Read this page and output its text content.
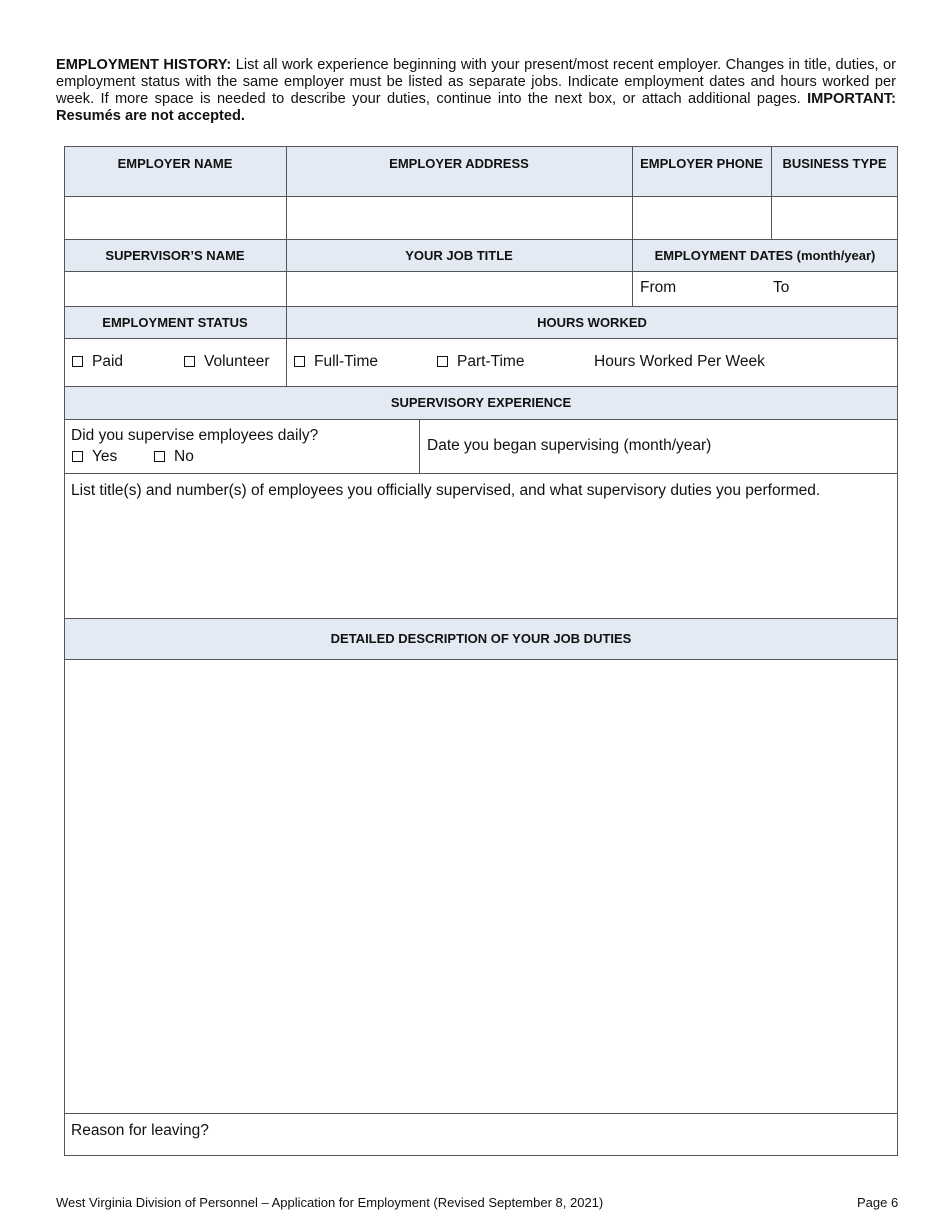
EMPLOYMENT HISTORY: List all work experience beginning with your present/most recent employer. Changes in title, duties, or employment status with the same employer must be listed as separate jobs. Indicate employment dates and hours worked per week. If more space is needed to describe your duties, continue into the next box, or attach additional pages. IMPORTANT: Resumés are not accepted.
EMPLOYER NAME	EMPLOYER ADDRESS	EMPLOYER PHONE	BUSINESS TYPE
SUPERVISOR’S NAME	YOUR JOB TITLE	EMPLOYMENT DATES (month/year)
From	To
EMPLOYMENT STATUS	HOURS WORKED
Paid	Volunteer	Full-Time	Part-Time	Hours Worked Per Week
SUPERVISORY EXPERIENCE
Did you supervise employees daily?
Yes	No
Date you began supervising (month/year)
List title(s) and number(s) of employees you officially supervised, and what supervisory duties you performed.
DETAILED DESCRIPTION OF YOUR JOB DUTIES
Reason for leaving?
West Virginia Division of Personnel – Application for Employment (Revised September 8, 2021)	Page 6
